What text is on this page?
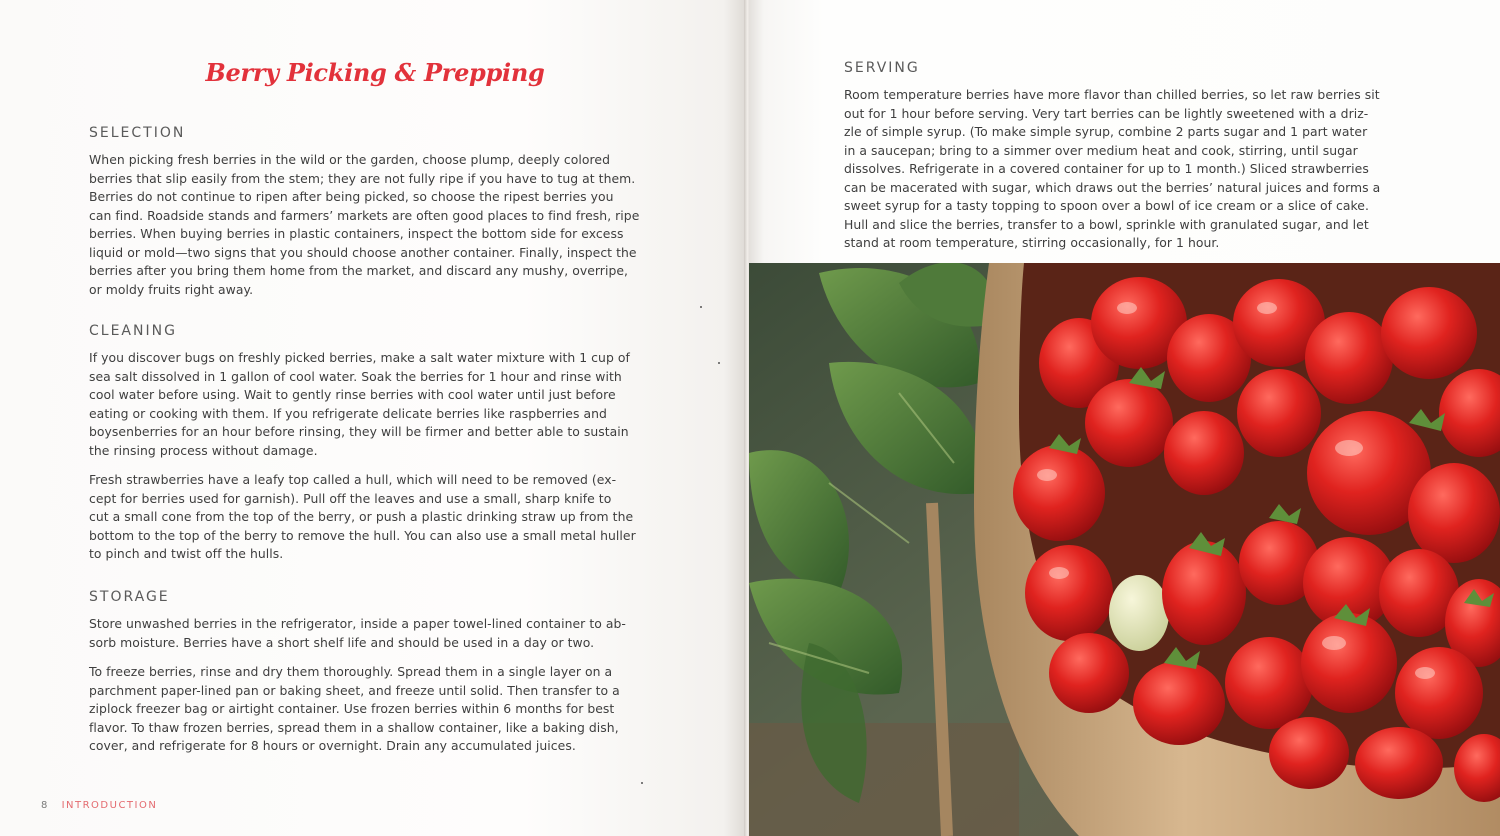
Berry Picking & Prepping
SELECTION

When picking fresh berries in the wild or the garden, choose plump, deeply colored
berries that slip easily from the stem; they are not fully ripe if you have to tug at them.
Berries do not continue to ripen after being picked, so choose the ripest berries you
can find. Roadside stands and farmers’ markets are often good places to find fresh, ripe
berries. When buying berries in plastic containers, inspect the bottom side for excess
liquid or mold—two signs that you should choose another container. Finally, inspect the
berries after you bring them home from the market, and discard any mushy, overripe,
or moldy fruits right away.

CLEANING

If you discover bugs on freshly picked berries, make a salt water mixture with 1 cup of
sea salt dissolved in 1 gallon of cool water. Soak the berries for 1 hour and rinse with
cool water before using. Wait to gently rinse berries with cool water until just before
eating or cooking with them. If you refrigerate delicate berries like raspberries and
boysenberries for an hour before rinsing, they will be firmer and better able to sustain
the rinsing process without damage.

Fresh strawberries have a leafy top called a hull, which will need to be removed (ex-
cept for berries used for garnish). Pull off the leaves and use a small, sharp knife to
cut a small cone from the top of the berry, or push a plastic drinking straw up from the
bottom to the top of the berry to remove the hull. You can also use a small metal huller
to pinch and twist off the hulls.

STORAGE

Store unwashed berries in the refrigerator, inside a paper towel-lined container to ab-
sorb moisture. Berries have a short shelf life and should be used in a day or two.

To freeze berries, rinse and dry them thoroughly. Spread them in a single layer on a
parchment paper-lined pan or baking sheet, and freeze until solid. Then transfer to a
ziplock freezer bag or airtight container. Use frozen berries within 6 months for best
flavor. To thaw frozen berries, spread them in a shallow container, like a baking dish,
cover, and refrigerate for 8 hours or overnight. Drain any accumulated juices.

8 INTRODUCTION
SERVING

Room temperature berries have more flavor than chilled berries, so let raw berries sit
out for 1 hour before serving. Very tart berries can be lightly sweetened with a driz-
zle of simple syrup. (To make simple syrup, combine 2 parts sugar and 1 part water
in a saucepan; bring to a simmer over medium heat and cook, stirring, until sugar
dissolves. Refrigerate in a covered container for up to 1 month.) Sliced strawberries
can be macerated with sugar, which draws out the berries’ natural juices and forms a
sweet syrup for a tasty topping to spoon over a bowl of ice cream or a slice of cake.
Hull and slice the berries, transfer to a bowl, sprinkle with granulated sugar, and let
stand at room temperature, stirring occasionally, for 1 hour.
